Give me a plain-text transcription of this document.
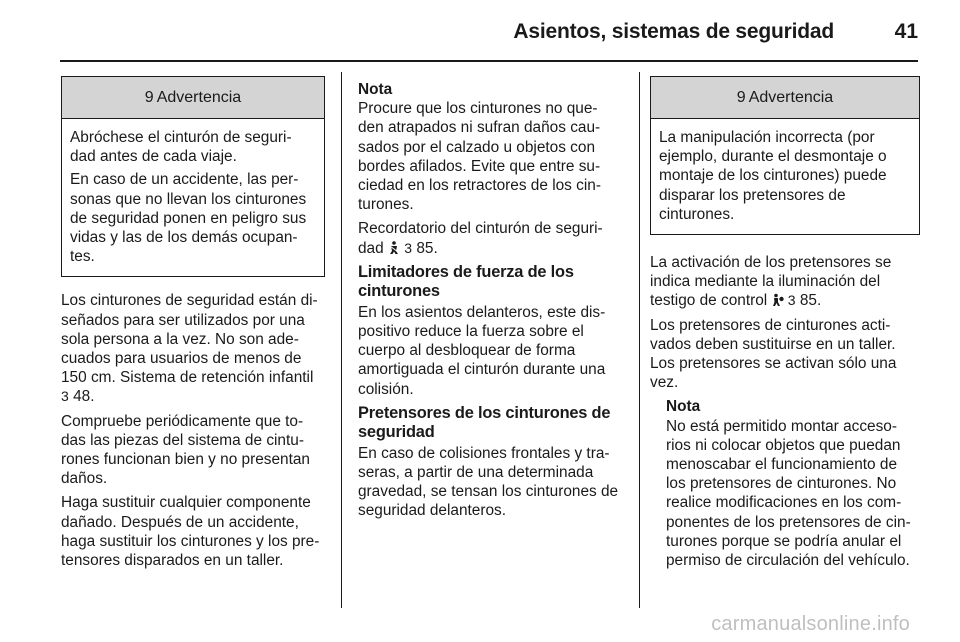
Asientos, sistemas de seguridad	41
9 Advertencia

Abróchese el cinturón de seguri-dad antes de cada viaje.

En caso de un accidente, las per-sonas que no llevan los cinturones de seguridad ponen en peligro sus vidas y las de los demás ocupan-tes.

Los cinturones de seguridad están di-señados para ser utilizados por una sola persona a la vez. No son ade-cuados para usuarios de menos de 150 cm. Sistema de retención infantil 3 48.

Compruebe periódicamente que to-das las piezas del sistema de cintu-rones funcionan bien y no presentan daños.

Haga sustituir cualquier componente dañado. Después de un accidente, haga sustituir los cinturones y los pre-tensores disparados en un taller.

Nota
Procure que los cinturones no que-den atrapados ni sufran daños cau-sados por el calzado u objetos con bordes afilados. Evite que entre su-ciedad en los retractores de los cin-turones.

Recordatorio del cinturón de seguri-dad 3 85.

Limitadores de fuerza de los cinturones

En los asientos delanteros, este dis-positivo reduce la fuerza sobre el cuerpo al desbloquear de forma amortiguada el cinturón durante una colisión.

Pretensores de los cinturones de seguridad

En caso de colisiones frontales y tra-seras, a partir de una determinada gravedad, se tensan los cinturones de seguridad delanteros.

9 Advertencia

La manipulación incorrecta (por ejemplo, durante el desmontaje o montaje de los cinturones) puede disparar los pretensores de cinturones.

La activación de los pretensores se indica mediante la iluminación del testigo de control 3 85.

Los pretensores de cinturones acti-vados deben sustituirse en un taller. Los pretensores se activan sólo una vez.

Nota
No está permitido montar acceso-rios ni colocar objetos que puedan menoscabar el funcionamiento de los pretensores de cinturones. No realice modificaciones en los com-ponentes de los pretensores de cin-turones porque se podría anular el permiso de circulación del vehículo.
carmanualsonline.info
